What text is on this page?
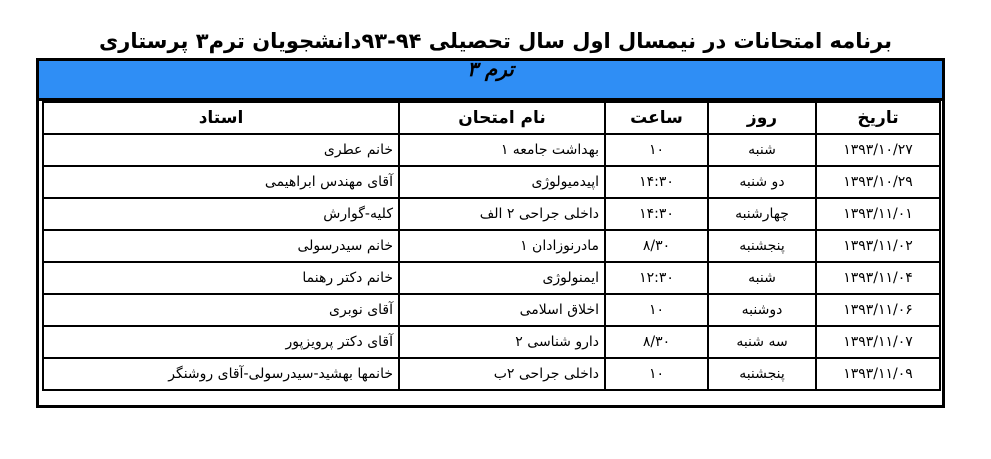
برنامه امتحانات در نیمسال اول سال تحصیلی ۹۴-۹۳دانشجویان ترم۳ پرستاری
ترم ۳
تاریخ	روز	ساعت	نام امتحان	استاد
۱۳۹۳/۱۰/۲۷	شنبه	۱۰	بهداشت جامعه ۱	خانم عطری
۱۳۹۳/۱۰/۲۹	دو شنبه	۱۴:۳۰	اپیدمیولوژی	آقای مهندس ابراهیمی
۱۳۹۳/۱۱/۰۱	چهارشنبه	۱۴:۳۰	داخلی جراحی ۲ الف	کلیه-گوارش
۱۳۹۳/۱۱/۰۲	پنجشنبه	۸/۳۰	مادرنوزادان ۱	خانم سیدرسولی
۱۳۹۳/۱۱/۰۴	شنبه	۱۲:۳۰	ایمنولوژی	خانم دکتر رهنما
۱۳۹۳/۱۱/۰۶	دوشنبه	۱۰	اخلاق اسلامی	آقای نوبری
۱۳۹۳/۱۱/۰۷	سه شنبه	۸/۳۰	دارو شناسی ۲	آقای دکتر پرویزپور
۱۳۹۳/۱۱/۰۹	پنجشنبه	۱۰	داخلی جراحی ۲ب	خانمها بهشید-سیدرسولی-آقای روشنگر
